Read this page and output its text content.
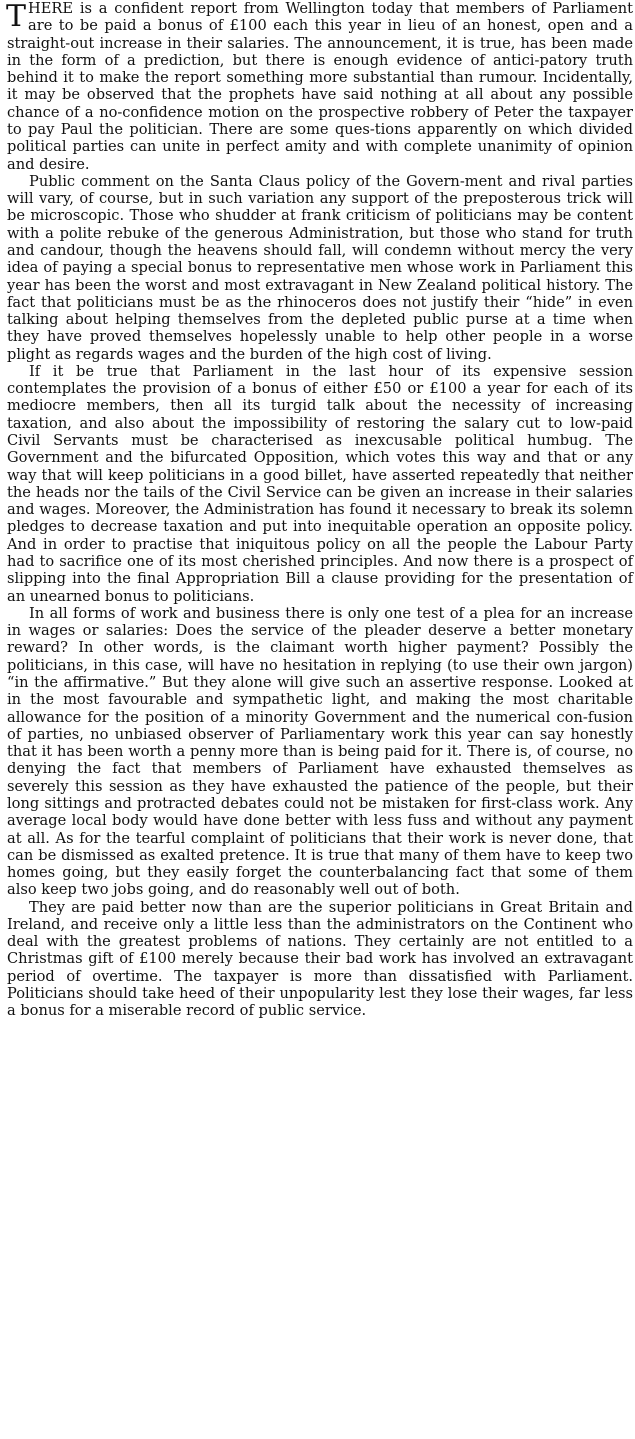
THERE is a confident report from Wellington today that members of Parliament are to be paid a bonus of £100 each this year in lieu of an honest, open and a straight-out increase in their salaries. The announcement, it is true, has been made in the form of a prediction, but there is enough evidence of antici-patory truth behind it to make the report something more substantial than rumour. Incidentally, it may be observed that the prophets have said nothing at all about any possible chance of a no-confidence motion on the prospective robbery of Peter the taxpayer to pay Paul the politician. There are some ques-tions apparently on which divided political parties can unite in perfect amity and with complete unanimity of opinion and desire.

Public comment on the Santa Claus policy of the Govern-ment and rival parties will vary, of course, but in such variation any support of the preposterous trick will be microscopic. Those who shudder at frank criticism of politicians may be content with a polite rebuke of the generous Administration, but those who stand for truth and candour, though the heavens should fall, will condemn without mercy the very idea of paying a special bonus to representative men whose work in Parliament this year has been the worst and most extravagant in New Zealand political history. The fact that politicians must be as the rhinoceros does not justify their “hide” in even talking about helping themselves from the depleted public purse at a time when they have proved themselves hopelessly unable to help other people in a worse plight as regards wages and the burden of the high cost of living.

If it be true that Parliament in the last hour of its expensive session contemplates the provision of a bonus of either £50 or £100 a year for each of its mediocre members, then all its turgid talk about the necessity of increasing taxation, and also about the impossibility of restoring the salary cut to low-paid Civil Servants must be characterised as inexcusable political humbug. The Government and the bifurcated Opposition, which votes this way and that or any way that will keep politicians in a good billet, have asserted repeatedly that neither the heads nor the tails of the Civil Service can be given an increase in their salaries and wages. Moreover, the Administration has found it necessary to break its solemn pledges to decrease taxation and put into inequitable operation an opposite policy. And in order to practise that iniquitous policy on all the people the Labour Party had to sacrifice one of its most cherished principles. And now there is a prospect of slipping into the final Appropriation Bill a clause providing for the presentation of an unearned bonus to politicians.

In all forms of work and business there is only one test of a plea for an increase in wages or salaries: Does the service of the pleader deserve a better monetary reward? In other words, is the claimant worth higher payment? Possibly the politicians, in this case, will have no hesitation in replying (to use their own jargon) “in the affirmative.” But they alone will give such an assertive response. Looked at in the most favourable and sympathetic light, and making the most charitable allowance for the position of a minority Government and the numerical con-fusion of parties, no unbiased observer of Parliamentary work this year can say honestly that it has been worth a penny more than is being paid for it. There is, of course, no denying the fact that members of Parliament have exhausted themselves as severely this session as they have exhausted the patience of the people, but their long sittings and protracted debates could not be mistaken for first-class work. Any average local body would have done better with less fuss and without any payment at all. As for the tearful complaint of politicians that their work is never done, that can be dismissed as exalted pretence. It is true that many of them have to keep two homes going, but they easily forget the counterbalancing fact that some of them also keep two jobs going, and do reasonably well out of both.

They are paid better now than are the superior politicians in Great Britain and Ireland, and receive only a little less than the administrators on the Continent who deal with the greatest problems of nations. They certainly are not entitled to a Christmas gift of £100 merely because their bad work has involved an extravagant period of overtime. The taxpayer is more than dissatisfied with Parliament. Politicians should take heed of their unpopularity lest they lose their wages, far less a bonus for a miserable record of public service.
